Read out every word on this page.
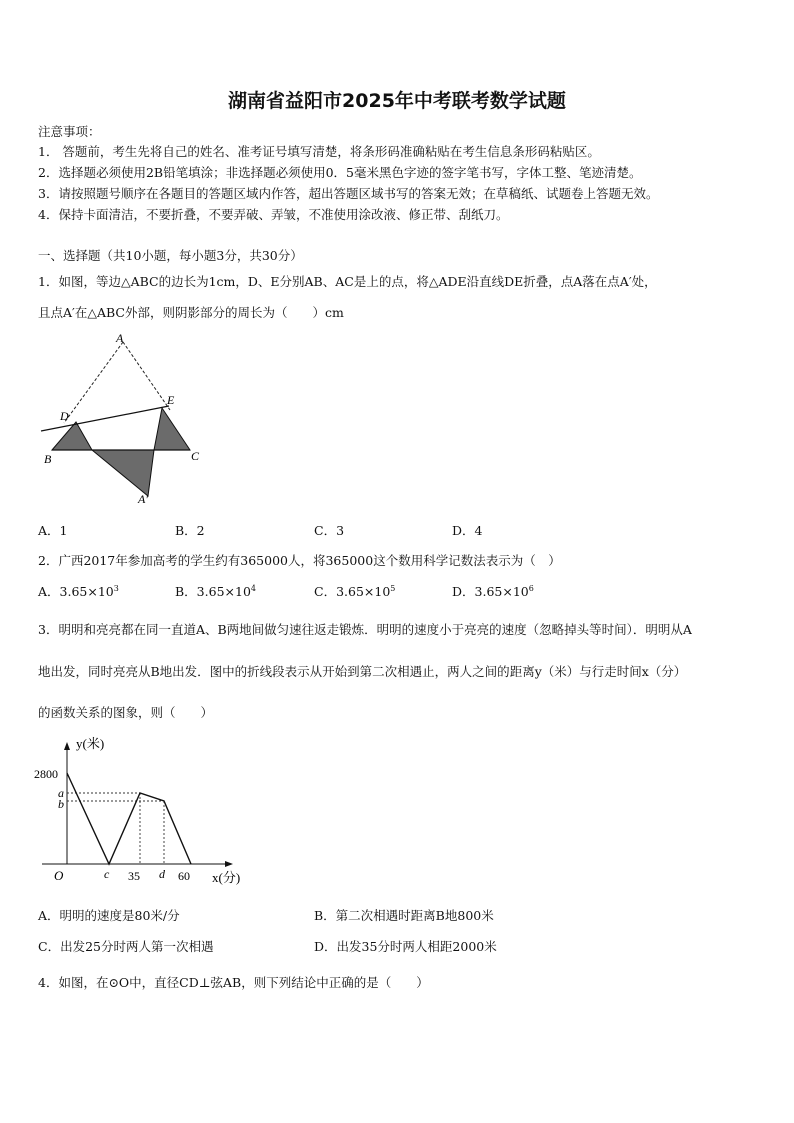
湖南省益阳市2025年中考联考数学试题
注意事项：
1． 答题前，考生先将自己的姓名、准考证号填写清楚，将条形码准确粘贴在考生信息条形码粘贴区。
2．选择题必须使用2B铅笔填涂；非选择题必须使用0．5毫米黑色字迹的签字笔书写，字体工整、笔迹清楚。
3．请按照题号顺序在各题目的答题区域内作答，超出答题区域书写的答案无效；在草稿纸、试题卷上答题无效。
4．保持卡面清洁，不要折叠，不要弄破、弄皱，不准使用涂改液、修正带、刮纸刀。
一、选择题（共10小题，每小题3分，共30分）
1．如图，等边△ABC的边长为1cm，D、E分别AB、AC是上的点，将△ADE沿直线DE折叠，点A落在点A′处，
且点A′在△ABC外部，则阴影部分的周长为（　　）cm
A
D
E
B	C
A′
A．1	B．2	C．3	D．4
2．广西2017年参加高考的学生约有365000人，将365000这个数用科学记数法表示为（　）
A．$3.65\times 10^3$	B．$3.65\times 10^4$	C．$3.65\times 10^5$	D．$3.65\times 10^6$
3．明明和亮亮都在同一直道A、B两地间做匀速往返走锻炼．明明的速度小于亮亮的速度（忽略掉头等时间）．明明从A
地出发，同时亮亮从B地出发．图中的折线段表示从开始到第二次相遇止，两人之间的距离y（米）与行走时间x（分）
的函数关系的图象，则（　　）
y(米)
2800
a
b
O	c 35 d 60 x(分)
A．明明的速度是80米/分	B．第二次相遇时距离B地800米
C．出发25分时两人第一次相遇	D．出发35分时两人相距2000米
4．如图，在⊙O中，直径CD⊥弦AB，则下列结论中正确的是（　　）
